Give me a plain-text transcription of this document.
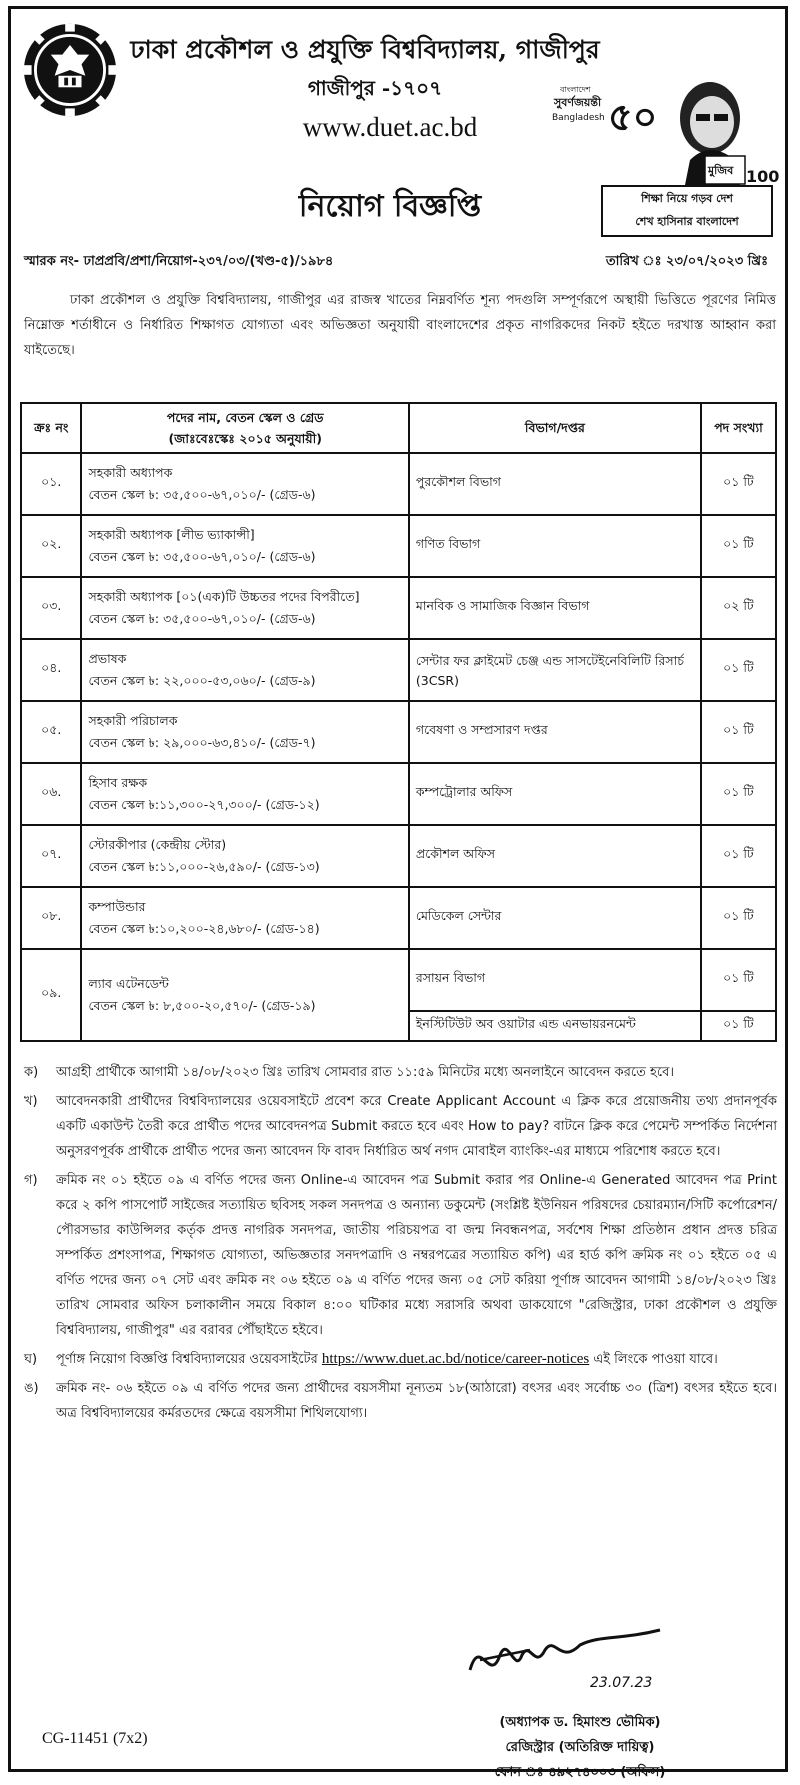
ঢাকা প্রকৌশল ও প্রযুক্তি বিশ্ববিদ্যালয়, গাজীপুর
গাজীপুর -১৭০৭
www.duet.ac.bd
বাংলাদেশ
সুবর্ণজয়ন্তী
Bangladesh ৫০
মুজিব 100
শিক্ষা নিয়ে গড়ব দেশ
শেখ হাসিনার বাংলাদেশ
নিয়োগ বিজ্ঞপ্তি
স্মারক নং- ঢাপ্রপ্রবি/প্রশা/নিয়োগ-২৩৭/০৩/(খণ্ড-৫)/১৯৮৪	তারিখ ঃ ২৩/০৭/২০২৩ খ্রিঃ

ঢাকা প্রকৌশল ও প্রযুক্তি বিশ্ববিদ্যালয়, গাজীপুর এর রাজস্ব খাতের নিম্নবর্ণিত শূন্য পদগুলি সম্পূর্ণরূপে অস্থায়ী ভিত্তিতে পূরণের নিমিত্ত নিম্নোক্ত শর্তাধীনে ও নির্ধারিত শিক্ষাগত যোগ্যতা এবং অভিজ্ঞতা অনুযায়ী বাংলাদেশের প্রকৃত নাগরিকদের নিকট হইতে দরখাস্ত আহ্বান করা যাইতেছে।

ক্রঃ নং	পদের নাম, বেতন স্কেল ও গ্রেড
(জাঃবেঃস্কেঃ ২০১৫ অনুযায়ী)	বিভাগ/দপ্তর	পদ সংখ্যা
০১.	সহকারী অধ্যাপক
বেতন স্কেল ৳: ৩৫,৫০০-৬৭,০১০/- (গ্রেড-৬)	পুরকৌশল বিভাগ	০১ টি
০২.	সহকারী অধ্যাপক [লীভ ভ্যাকান্সী]
বেতন স্কেল ৳: ৩৫,৫০০-৬৭,০১০/- (গ্রেড-৬)	গণিত বিভাগ	০১ টি
০৩.	সহকারী অধ্যাপক [০১(এক)টি উচ্চতর পদের বিপরীতে]
বেতন স্কেল ৳: ৩৫,৫০০-৬৭,০১০/- (গ্রেড-৬)	মানবিক ও সামাজিক বিজ্ঞান বিভাগ	০২ টি
০৪.	প্রভাষক
বেতন স্কেল ৳: ২২,০০০-৫৩,০৬০/- (গ্রেড-৯)	সেন্টার ফর ক্লাইমেট চেঞ্জ এন্ড সাসটেইনেবিলিটি রিসার্চ (3CSR)	০১ টি
০৫.	সহকারী পরিচালক
বেতন স্কেল ৳: ২৯,০০০-৬৩,৪১০/- (গ্রেড-৭)	গবেষণা ও সম্প্রসারণ দপ্তর	০১ টি
০৬.	হিসাব রক্ষক
বেতন স্কেল ৳:১১,৩০০-২৭,৩০০/- (গ্রেড-১২)	কম্পট্রোলার অফিস	০১ টি
০৭.	স্টোরকীপার (কেন্দ্রীয় স্টোর)
বেতন স্কেল ৳:১১,০০০-২৬,৫৯০/- (গ্রেড-১৩)	প্রকৌশল অফিস	০১ টি
০৮.	কম্পাউন্ডার
বেতন স্কেল ৳:১০,২০০-২৪,৬৮০/- (গ্রেড-১৪)	মেডিকেল সেন্টার	০১ টি
০৯.	ল্যাব এটেনডেন্ট
বেতন স্কেল ৳: ৮,৫০০-২০,৫৭০/- (গ্রেড-১৯)	রসায়ন বিভাগ	০১ টি
		ইনস্টিটিউট অব ওয়াটার এন্ড এনভায়রনমেন্ট	০১ টি
ক) আগ্রহী প্রার্থীকে আগামী ১৪/০৮/২০২৩ খ্রিঃ তারিখ সোমবার রাত ১১:৫৯ মিনিটের মধ্যে অনলাইনে আবেদন করতে হবে।
খ) আবেদনকারী প্রার্থীদের বিশ্ববিদ্যালয়ের ওয়েবসাইটে প্রবেশ করে Create Applicant Account এ ক্লিক করে প্রয়োজনীয় তথ্য প্রদানপূর্বক একটি একাউন্ট তৈরী করে প্রার্থীত পদের আবেদনপত্র Submit করতে হবে এবং How to pay? বাটনে ক্লিক করে পেমেন্ট সম্পর্কিত নির্দেশনা অনুসরণপূর্বক প্রার্থীকে প্রার্থীত পদের জন্য আবেদন ফি বাবদ নির্ধারিত অর্থ নগদ মোবাইল ব্যাংকিং-এর মাধ্যমে পরিশোধ করতে হবে।
গ) ক্রমিক নং ০১ হইতে ০৯ এ বর্ণিত পদের জন্য Online-এ আবেদন পত্র Submit করার পর Online-এ Generated আবেদন পত্র Print করে ২ কপি পাসপোর্ট সাইজের সত্যায়িত ছবিসহ সকল সনদপত্র ও অন্যান্য ডকুমেন্ট (সংশ্লিষ্ট ইউনিয়ন পরিষদের চেয়ারম্যান/সিটি কর্পোরেশন/পৌরসভার কাউন্সিলর কর্তৃক প্রদত্ত নাগরিক সনদপত্র, জাতীয় পরিচয়পত্র বা জন্ম নিবন্ধনপত্র, সর্বশেষ শিক্ষা প্রতিষ্ঠান প্রধান প্রদত্ত চরিত্র সম্পর্কিত প্রশংসাপত্র, শিক্ষাগত যোগ্যতা, অভিজ্ঞতার সনদপত্রাদি ও নম্বরপত্রের সত্যায়িত কপি) এর হার্ড কপি ক্রমিক নং ০১ হইতে ০৫ এ বর্ণিত পদের জন্য ০৭ সেট এবং ক্রমিক নং ০৬ হইতে ০৯ এ বর্ণিত পদের জন্য ০৫ সেট করিয়া পূর্ণাঙ্গ আবেদন আগামী ১৪/০৮/২০২৩ খ্রিঃ তারিখ সোমবার অফিস চলাকালীন সময়ে বিকাল ৪:০০ ঘটিকার মধ্যে সরাসরি অথবা ডাকযোগে "রেজিস্ট্রার, ঢাকা প্রকৌশল ও প্রযুক্তি বিশ্ববিদ্যালয়, গাজীপুর" এর বরাবর পৌঁছাইতে হইবে।
ঘ) পূর্ণাঙ্গ নিয়োগ বিজ্ঞপ্তি বিশ্ববিদ্যালয়ের ওয়েবসাইটের https://www.duet.ac.bd/notice/career-notices এই লিংকে পাওয়া যাবে।
ঙ) ক্রমিক নং- ০৬ হইতে ০৯ এ বর্ণিত পদের জন্য প্রার্থীদের বয়সসীমা নূন্যতম ১৮(আঠারো) বৎসর এবং সর্বোচ্চ ৩০ (ত্রিশ) বৎসর হইতে হবে। অত্র বিশ্ববিদ্যালয়ের কর্মরতদের ক্ষেত্রে বয়সসীমা শিথিলযোগ্য।
23.07.23
(অধ্যাপক ড. হিমাংশু ভৌমিক)
রেজিস্ট্রার (অতিরিক্ত দায়িত্ব)
ফোন ঃ ৪৯২৭৪০০৩ (অফিস)
CG-11451 (7x2)
